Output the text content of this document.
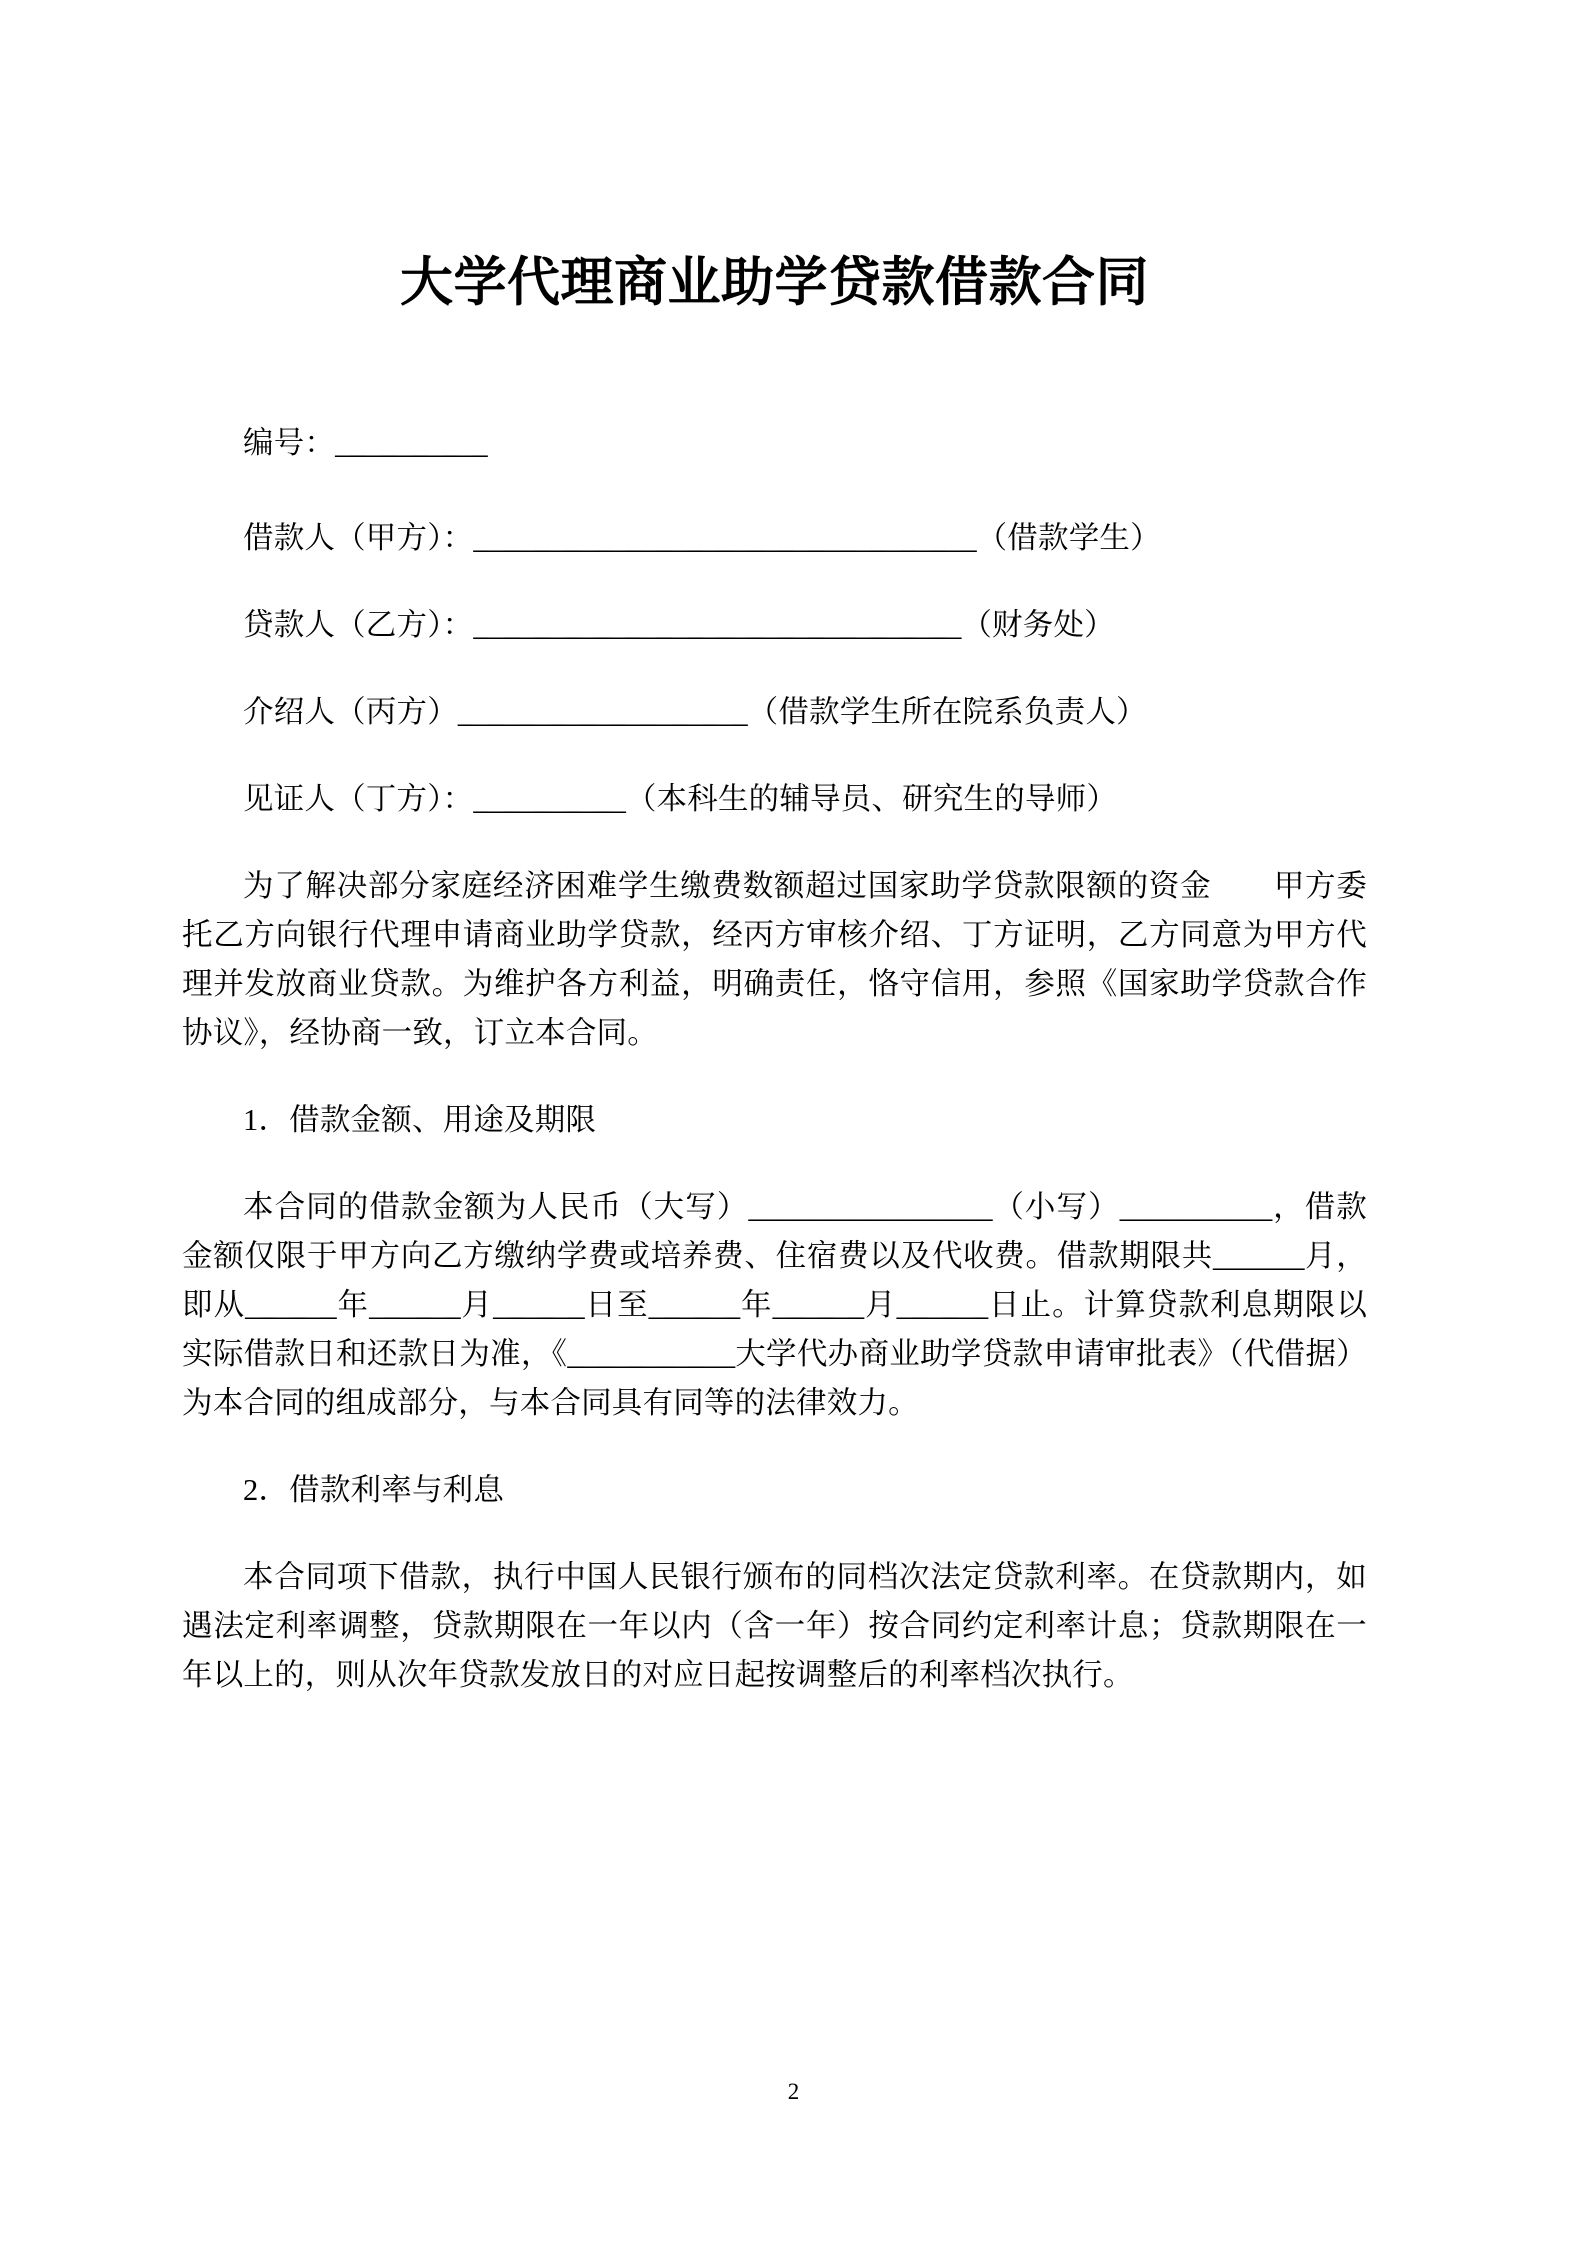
大学代理商业助学贷款借款合同

编号：__________

借款人（甲方）：_________________________________（借款学生）

贷款人（乙方）：________________________________（财务处）

介绍人（丙方）___________________（借款学生所在院系负责人）

见证人（丁方）：__________（本科生的辅导员、研究生的导师）

为了解决部分家庭经济困难学生缴费数额超过国家助学贷款限额的资金　　甲方委托乙方向银行代理申请商业助学贷款，经丙方审核介绍、丁方证明，乙方同意为甲方代理并发放商业贷款。为维护各方利益，明确责任，恪守信用，参照《国家助学贷款合作协议》，经协商一致，订立本合同。

1．借款金额、用途及期限

本合同的借款金额为人民币（大写）________________（小写）__________，借款金额仅限于甲方向乙方缴纳学费或培养费、住宿费以及代收费。借款期限共______月，即从______年______月______日至______年______月______日止。计算贷款利息期限以实际借款日和还款日为准，《___________大学代办商业助学贷款申请审批表》（代借据）为本合同的组成部分，与本合同具有同等的法律效力。

2．借款利率与利息

本合同项下借款，执行中国人民银行颁布的同档次法定贷款利率。在贷款期内，如遇法定利率调整，贷款期限在一年以内（含一年）按合同约定利率计息；贷款期限在一年以上的，则从次年贷款发放日的对应日起按调整后的利率档次执行。

2
